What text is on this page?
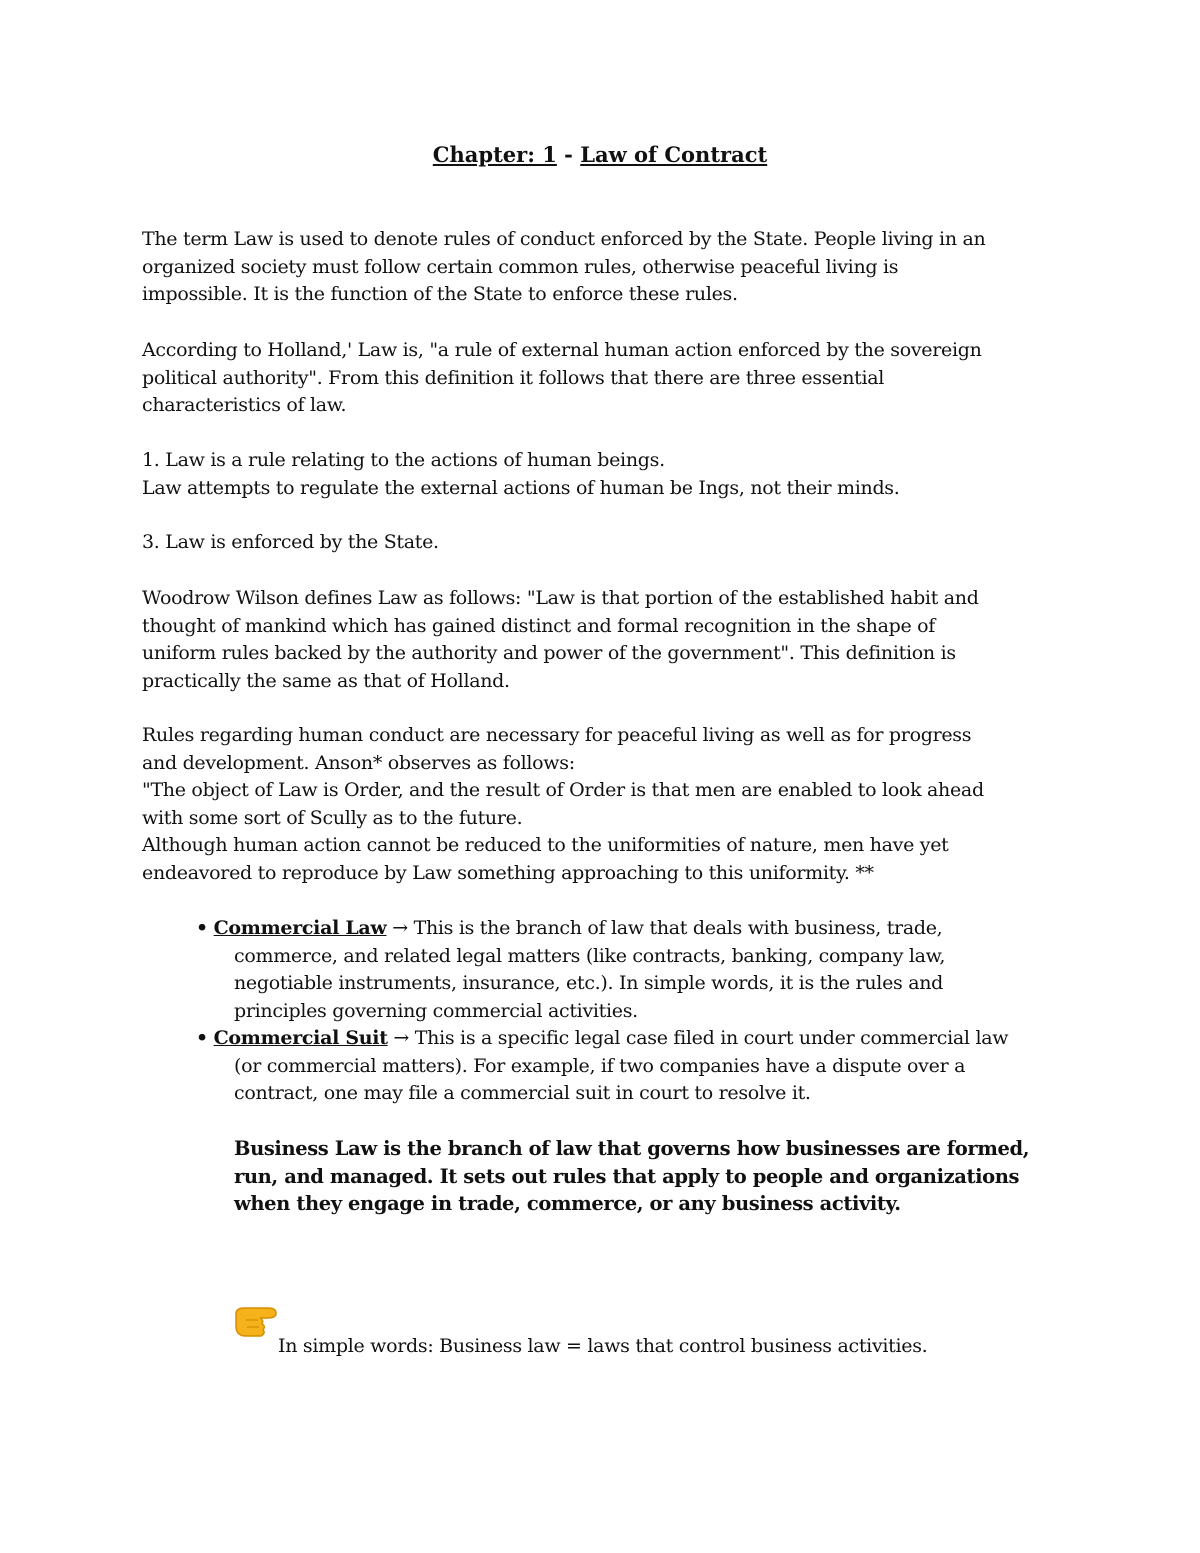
Chapter: 1 - Law of Contract
The term Law is used to denote rules of conduct enforced by the State. People living in an
organized society must follow certain common rules, otherwise peaceful living is
impossible. It is the function of the State to enforce these rules.
According to Holland,' Law is, "a rule of external human action enforced by the sovereign
political authority". From this definition it follows that there are three essential
characteristics of law.
1. Law is a rule relating to the actions of human beings.
Law attempts to regulate the external actions of human be Ings, not their minds.
3. Law is enforced by the State.
Woodrow Wilson defines Law as follows: "Law is that portion of the established habit and
thought of mankind which has gained distinct and formal recognition in the shape of
uniform rules backed by the authority and power of the government". This definition is
practically the same as that of Holland.
Rules regarding human conduct are necessary for peaceful living as well as for progress
and development. Anson* observes as follows:
"The object of Law is Order, and the result of Order is that men are enabled to look ahead
with some sort of Scully as to the future.
Although human action cannot be reduced to the uniformities of nature, men have yet
endeavored to reproduce by Law something approaching to this uniformity. **
• Commercial Law → This is the branch of law that deals with business, trade,
commerce, and related legal matters (like contracts, banking, company law,
negotiable instruments, insurance, etc.). In simple words, it is the rules and
principles governing commercial activities.
• Commercial Suit → This is a specific legal case filed in court under commercial law
(or commercial matters). For example, if two companies have a dispute over a
contract, one may file a commercial suit in court to resolve it.
Business Law is the branch of law that governs how businesses are formed,
run, and managed. It sets out rules that apply to people and organizations
when they engage in trade, commerce, or any business activity.
In simple words: Business law = laws that control business activities.
